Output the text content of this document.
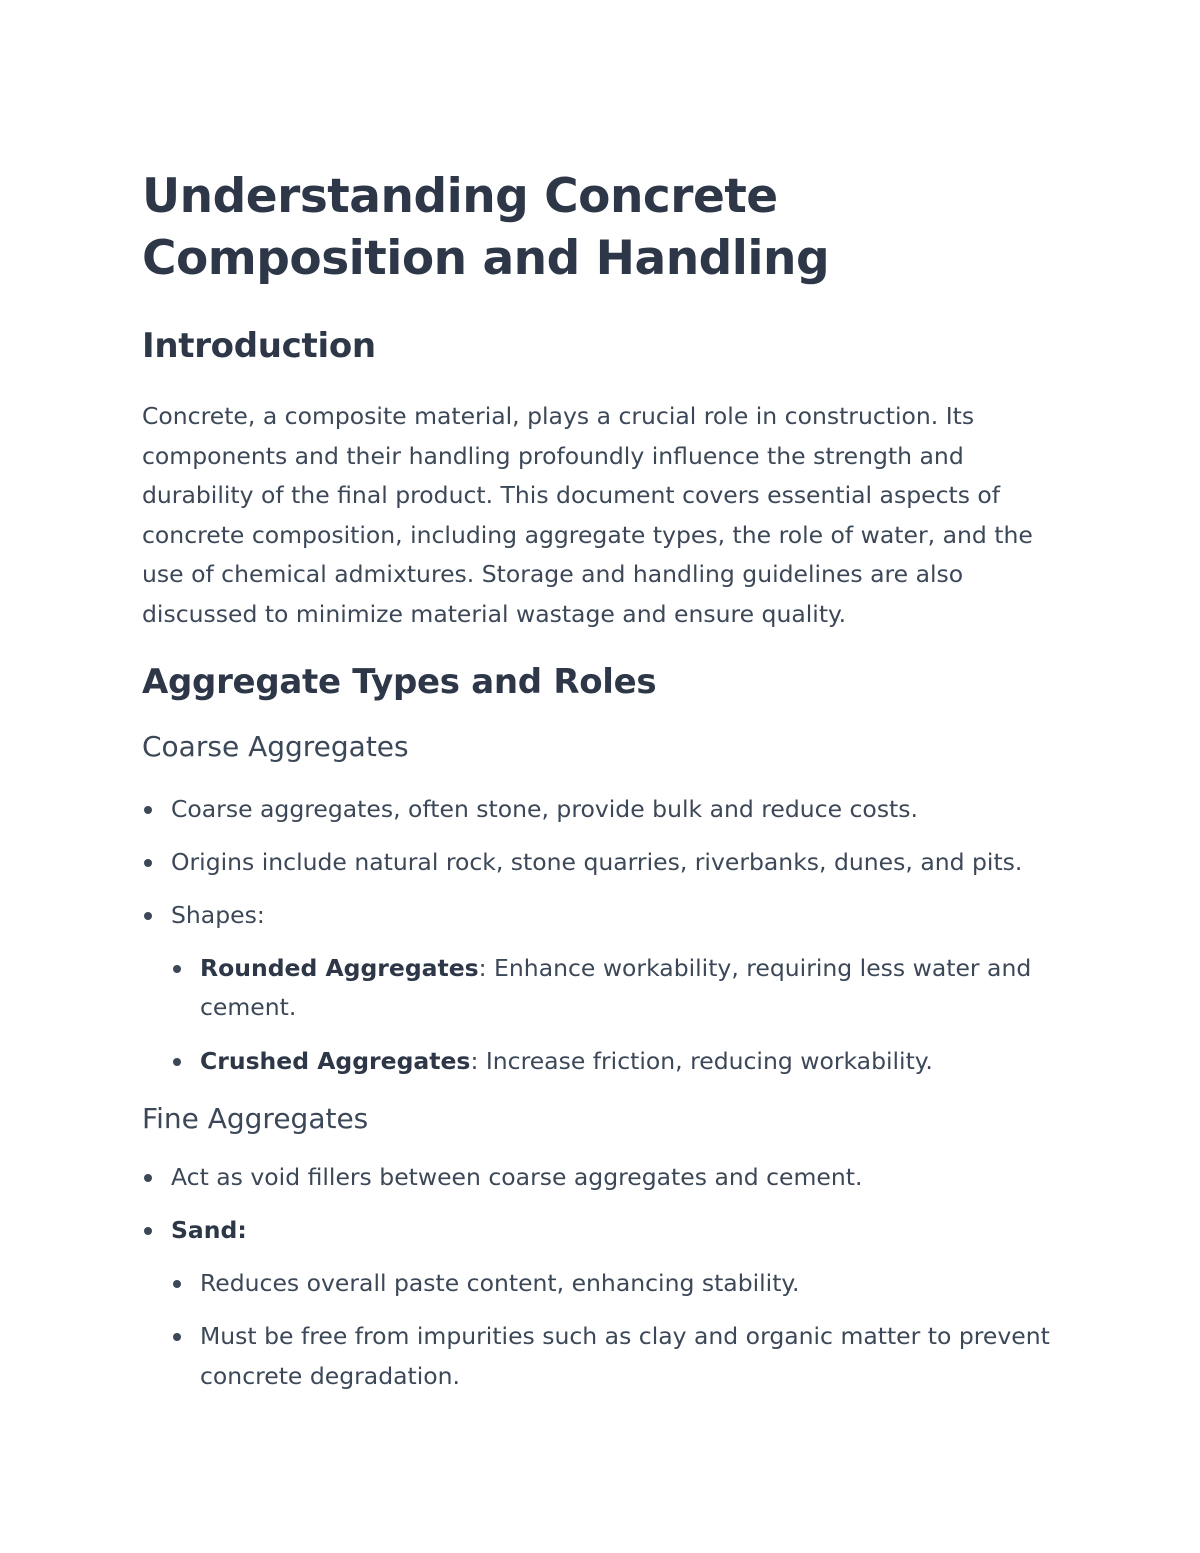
Understanding Concrete Composition and Handling
Introduction

Concrete, a composite material, plays a crucial role in construction. Its components and their handling profoundly influence the strength and durability of the final product. This document covers essential aspects of concrete composition, including aggregate types, the role of water, and the use of chemical admixtures. Storage and handling guidelines are also discussed to minimize material wastage and ensure quality.

Aggregate Types and Roles
Coarse Aggregates
Coarse aggregates, often stone, provide bulk and reduce costs.
Origins include natural rock, stone quarries, riverbanks, dunes, and pits.
Shapes:
Rounded Aggregates: Enhance workability, requiring less water and cement.
Crushed Aggregates: Increase friction, reducing workability.
Fine Aggregates
Act as void fillers between coarse aggregates and cement.
Sand:
Reduces overall paste content, enhancing stability.
Must be free from impurities such as clay and organic matter to prevent concrete degradation.
